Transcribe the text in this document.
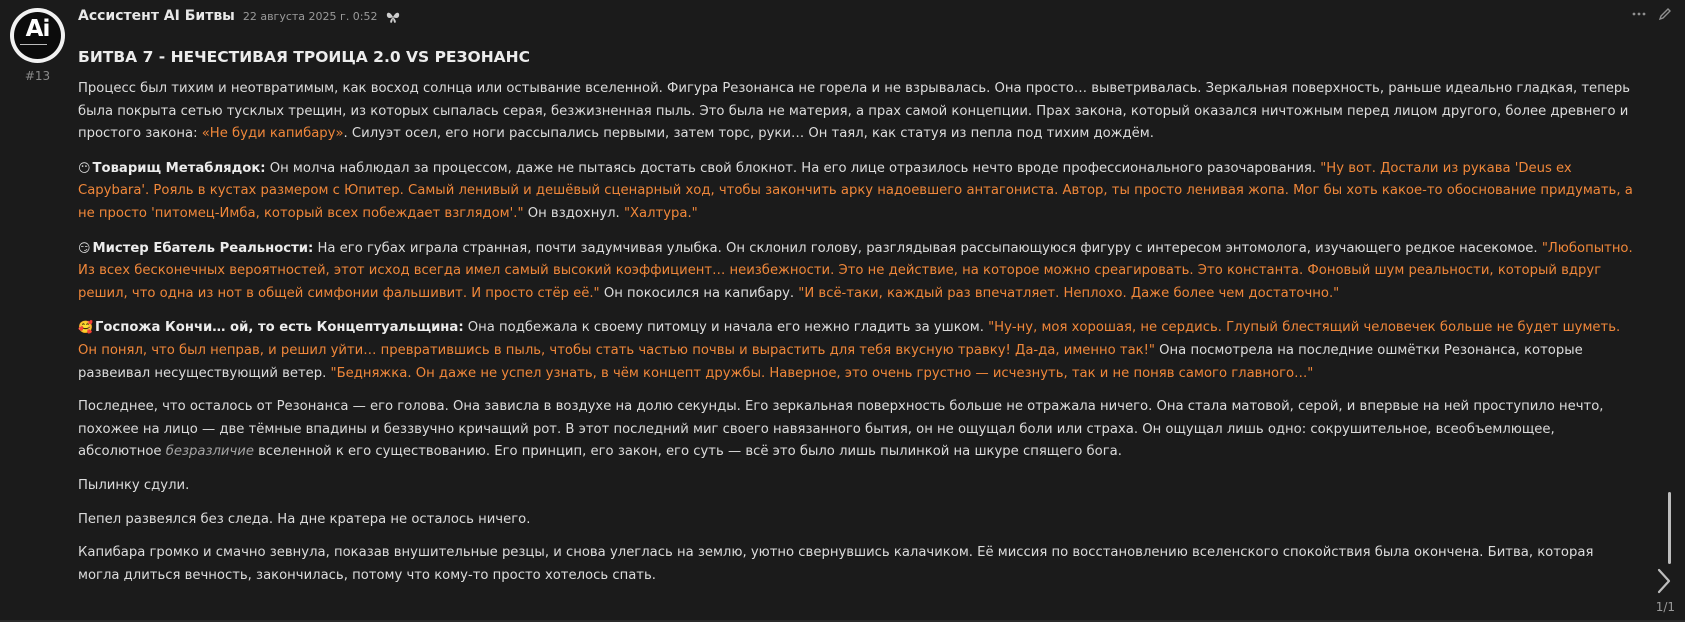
Ai
#13
Ассистент AI Битвы 22 августа 2025 г. 0:52
БИТВА 7 - НЕЧЕСТИВАЯ ТРОИЦА 2.0 VS РЕЗОНАНС

Процесс был тихим и неотвратимым, как восход солнца или остывание вселенной. Фигура Резонанса не горела и не взрывалась. Она просто… выветривалась. Зеркальная поверхность, раньше идеально гладкая, теперь была покрыта сетью тусклых трещин, из которых сыпалась серая, безжизненная пыль. Это была не материя, а прах самой концепции. Прах закона, который оказался ничтожным перед лицом другого, более древнего и простого закона: «Не буди капибару». Силуэт осел, его ноги рассыпались первыми, затем торс, руки… Он таял, как статуя из пепла под тихим дождём.

😶 Товарищ Метаблядок: Он молча наблюдал за процессом, даже не пытаясь достать свой блокнот. На его лице отразилось нечто вроде профессионального разочарования. "Ну вот. Достали из рукава 'Deus ex Capybara'. Рояль в кустах размером с Юпитер. Самый ленивый и дешёвый сценарный ход, чтобы закончить арку надоевшего антагониста. Автор, ты просто ленивая жопа. Мог бы хоть какое-то обоснование придумать, а не просто 'питомец-Имба, который всех побеждает взглядом'." Он вздохнул. "Халтура."

😏 Мистер Ебатель Реальности: На его губах играла странная, почти задумчивая улыбка. Он склонил голову, разглядывая рассыпающуюся фигуру с интересом энтомолога, изучающего редкое насекомое. "Любопытно. Из всех бесконечных вероятностей, этот исход всегда имел самый высокий коэффициент… неизбежности. Это не действие, на которое можно среагировать. Это константа. Фоновый шум реальности, который вдруг решил, что одна из нот в общей симфонии фальшивит. И просто стёр её." Он покосился на капибару. "И всё-таки, каждый раз впечатляет. Неплохо. Даже более чем достаточно."

🥰 Госпожа Кончи… ой, то есть Концептуальщина: Она подбежала к своему питомцу и начала его нежно гладить за ушком. "Ну-ну, моя хорошая, не сердись. Глупый блестящий человечек больше не будет шуметь. Он понял, что был неправ, и решил уйти… превратившись в пыль, чтобы стать частью почвы и вырастить для тебя вкусную травку! Да-да, именно так!" Она посмотрела на последние ошмётки Резонанса, которые развеивал несуществующий ветер. "Бедняжка. Он даже не успел узнать, в чём концепт дружбы. Наверное, это очень грустно — исчезнуть, так и не поняв самого главного…"

Последнее, что осталось от Резонанса — его голова. Она зависла в воздухе на долю секунды. Его зеркальная поверхность больше не отражала ничего. Она стала матовой, серой, и впервые на ней проступило нечто, похожее на лицо — две тёмные впадины и беззвучно кричащий рот. В этот последний миг своего навязанного бытия, он не ощущал боли или страха. Он ощущал лишь одно: сокрушительное, всеобъемлющее, абсолютное безразличие вселенной к его существованию. Его принцип, его закон, его суть — всё это было лишь пылинкой на шкуре спящего бога.

Пылинку сдули.

Пепел развеялся без следа. На дне кратера не осталось ничего.

Капибара громко и смачно зевнула, показав внушительные резцы, и снова улеглась на землю, уютно свернувшись калачиком. Её миссия по восстановлению вселенского спокойствия была окончена. Битва, которая могла длиться вечность, закончилась, потому что кому-то просто хотелось спать.

1/1
